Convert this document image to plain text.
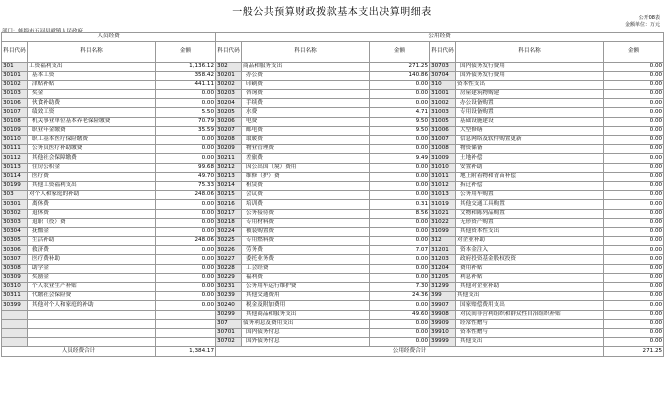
一般公共预算财政拨款基本支出决算明细表	公开08表
金额单位：万元
人员经费			公用经费					
科目代码	科目名称	金额	科目代码	科目名称	金额	科目代码	科目名称	金额
301	工资福利支出	1,136.12	302	商品和服务支出	271.25	30703	国内债务发行费用	0.00
30101	基本工资	358.42	30201	办公费	140.86	30704	国外债务发行费用	0.00
30102	津贴补贴	441.11	30202	印刷费	0.00	310	资本性支出	0.00
30103	奖金	0.00	30203	咨询费	0.00	31001	房屋建筑物购建	0.00
30106	伙食补助费	0.00	30204	手续费	0.00	31002	办公设备购置	0.00
30107	绩效工资	5.50	30205	水费	4.71	31003	专用设备购置	0.00
30108	机关事业单位基本养老保险缴费	70.79	30206	电费	9.50	31005	基础设施建设	0.00
30109	职业年金缴费	35.59	30207	邮电费	9.50	31006	大型修缮	0.00
30110	职工基本医疗保险缴费	0.00	30208	取暖费	0.00	31007	信息网络及软件购置更新	0.00
30111	公务员医疗补助缴费	0.00	30209	物业管理费	0.00	31008	物资储备	0.00
30112	其他社会保障缴费	0.00	30211	差旅费	9.49	31009	土地补偿	0.00
30113	住房公积金	99.68	30212	因公出国（境）费用	0.00	31010	安置补助	0.00
30114	医疗费	49.70	30213	维修（护）费	0.00	31011	地上附着物和青苗补偿	0.00
30199	其他工资福利支出	75.33	30214	租赁费	0.00	31012	拆迁补偿	0.00
303	对个人和家庭的补助	248.06	30215	会议费	0.00	31013	公务用车购置	0.00
30301	离休费	0.00	30216	培训费	0.31	31019	其他交通工具购置	0.00
30302	退休费	0.00	30217	公务接待费	8.56	31021	文物和陈列品购置	0.00
30303	退职（役）费	0.00	30218	专用材料费	0.00	31022	无形资产购置	0.00
30304	抚恤金	0.00	30224	被装购置费	0.00	31099	其他资本性支出	0.00
30305	生活补助	248.06	30225	专用燃料费	0.00	312	对企业补助	0.00
30306	救济费	0.00	30226	劳务费	7.07	31201	资本金注入	0.00
30307	医疗费补助	0.00	30227	委托业务费	0.00	31203	政府投资基金股权投资	0.00
30308	助学金	0.00	30228	工会经费	0.00	31204	费用补贴	0.00
30309	奖励金	0.00	30229	福利费	0.00	31205	利息补贴	0.00
30310	个人农业生产补贴	0.00	30231	公务用车运行维护费	7.30	31299	其他对企业补助	0.00
30311	代缴社会保险费	0.00	30239	其他交通费用	24.36	399	其他支出	0.00
30399	其他对个人和家庭的补助	0.00	30240	税金及附加费用	0.00	39907	国家赔偿费用支出	0.00
			30299	其他商品和服务支出	49.60	39908	对民间非营利组织和群众性自治组织补贴	0.00
			307	债务利息及费用支出	0.00	39909	经常性赠与	0.00
			30701	国内债务付息	0.00	39910	资本性赠与	0.00
			30702	国外债务付息	0.00	39999	其他支出	0.00
人员经费合计		1,384.17	公用经费合计					271.25
